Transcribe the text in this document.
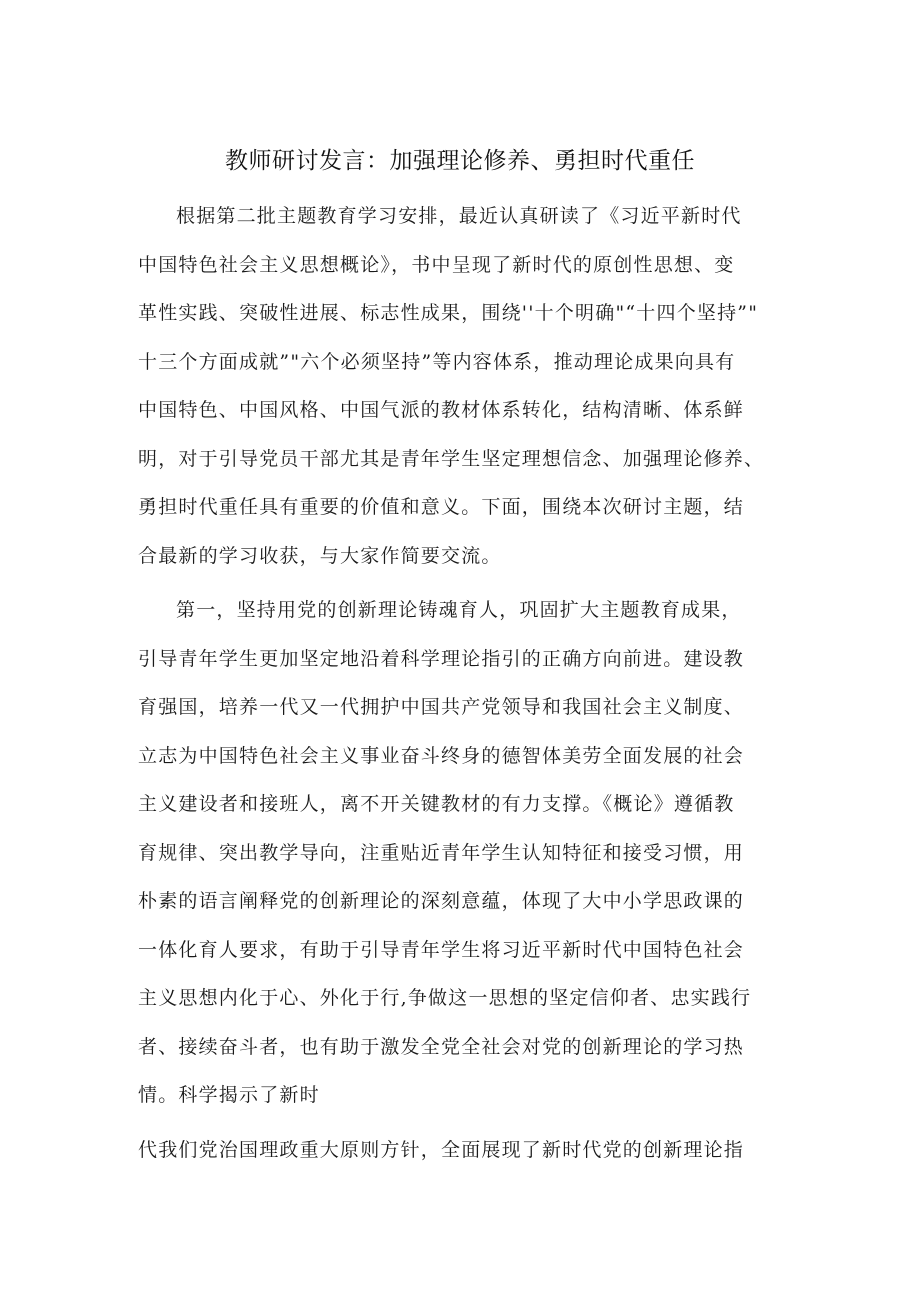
教师研讨发言：加强理论修养、勇担时代重任
根据第二批主题教育学习安排，最近认真研读了《习近平新时代
中国特色社会主义思想概论》，书中呈现了新时代的原创性思想、变
革性实践、突破性进展、标志性成果，围绕''十个明确"“十四个坚持”"
十三个方面成就”"六个必须坚持”等内容体系，推动理论成果向具有
中国特色、中国风格、中国气派的教材体系转化，结构清晰、体系鲜
明，对于引导党员干部尤其是青年学生坚定理想信念、加强理论修养、
勇担时代重任具有重要的价值和意义。下面，围绕本次研讨主题，结
合最新的学习收获，与大家作简要交流。
第一，坚持用党的创新理论铸魂育人，巩固扩大主题教育成果，
引导青年学生更加坚定地沿着科学理论指引的正确方向前进。建设教
育强国，培养一代又一代拥护中国共产党领导和我国社会主义制度、
立志为中国特色社会主义事业奋斗终身的德智体美劳全面发展的社会
主义建设者和接班人，离不开关键教材的有力支撑。《概论》遵循教
育规律、突出教学导向，注重贴近青年学生认知特征和接受习惯，用
朴素的语言阐释党的创新理论的深刻意蕴，体现了大中小学思政课的
一体化育人要求，有助于引导青年学生将习近平新时代中国特色社会
主义思想内化于心、外化于行,争做这一思想的坚定信仰者、忠实践行
者、接续奋斗者，也有助于激发全党全社会对党的创新理论的学习热
情。科学揭示了新时
代我们党治国理政重大原则方针，全面展现了新时代党的创新理论指
